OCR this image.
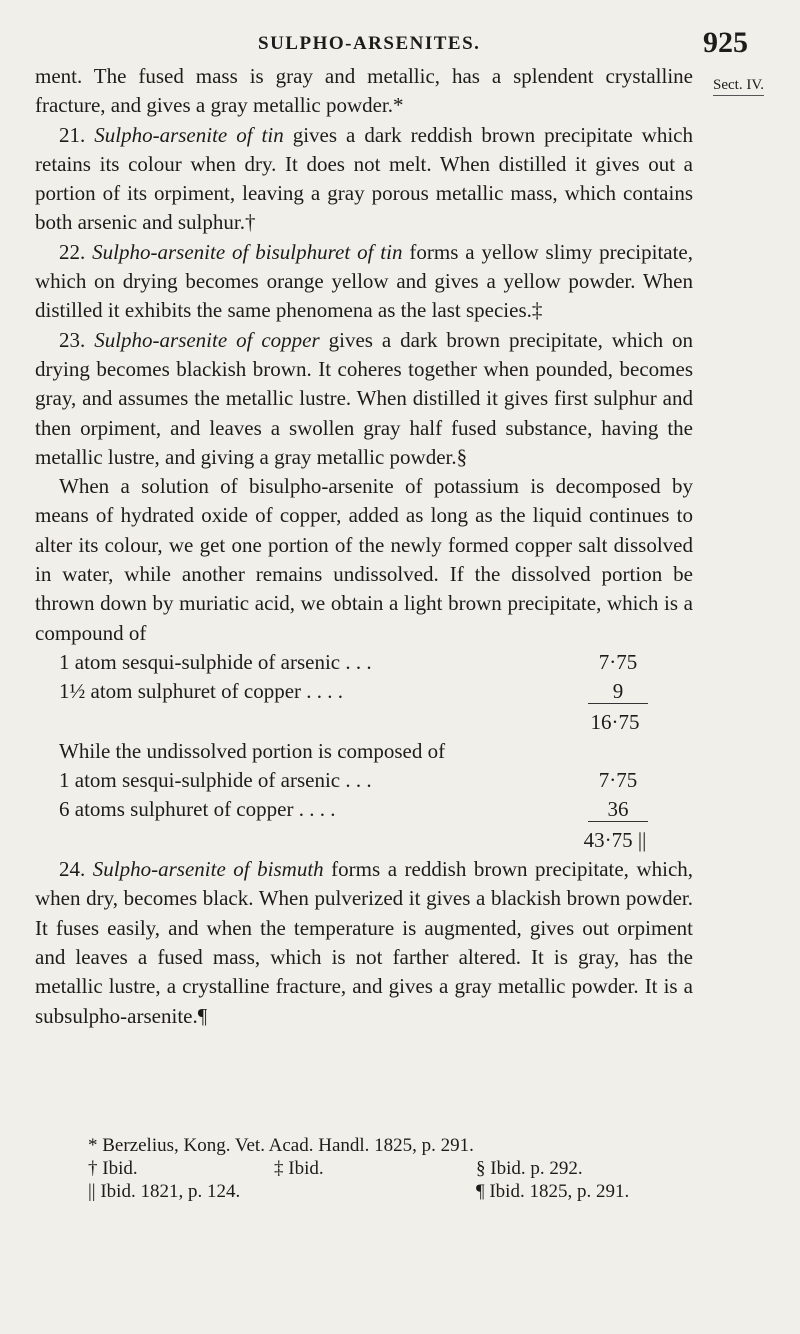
SULPHO-ARSENITES.	925
Sect. IV.

ment. The fused mass is gray and metallic, has a splendent crystalline fracture, and gives a gray metallic powder.*

21. Sulpho-arsenite of tin gives a dark reddish brown precipitate which retains its colour when dry. It does not melt. When distilled it gives out a portion of its orpiment, leaving a gray porous metallic mass, which contains both arsenic and sulphur.†

22. Sulpho-arsenite of bisulphuret of tin forms a yellow slimy precipitate, which on drying becomes orange yellow and gives a yellow powder. When distilled it exhibits the same phenomena as the last species.‡

23. Sulpho-arsenite of copper gives a dark brown precipitate, which on drying becomes blackish brown. It coheres together when pounded, becomes gray, and assumes the metallic lustre. When distilled it gives first sulphur and then orpiment, and leaves a swollen gray half fused substance, having the metallic lustre, and giving a gray metallic powder.§

When a solution of bisulpho-arsenite of potassium is decomposed by means of hydrated oxide of copper, added as long as the liquid continues to alter its colour, we get one portion of the newly formed copper salt dissolved in water, while another remains undissolved. If the dissolved portion be thrown down by muriatic acid, we obtain a light brown precipitate, which is a compound of

1 atom sesqui-sulphide of arsenic . . .	7·75
1½ atom sulphuret of copper . . . .	9
16·75

While the undissolved portion is composed of

1 atom sesqui-sulphide of arsenic . . .	7·75
6 atoms sulphuret of copper . . . .	36
43·75 ||

24. Sulpho-arsenite of bismuth forms a reddish brown precipitate, which, when dry, becomes black. When pulverized it gives a blackish brown powder. It fuses easily, and when the temperature is augmented, gives out orpiment and leaves a fused mass, which is not farther altered. It is gray, has the metallic lustre, a crystalline fracture, and gives a gray metallic powder. It is a subsulpho-arsenite.¶

* Berzelius, Kong. Vet. Acad. Handl. 1825, p. 291.
† Ibid.	‡ Ibid.	§ Ibid. p. 292.
|| Ibid. 1821, p. 124.	¶ Ibid. 1825, p. 291.
